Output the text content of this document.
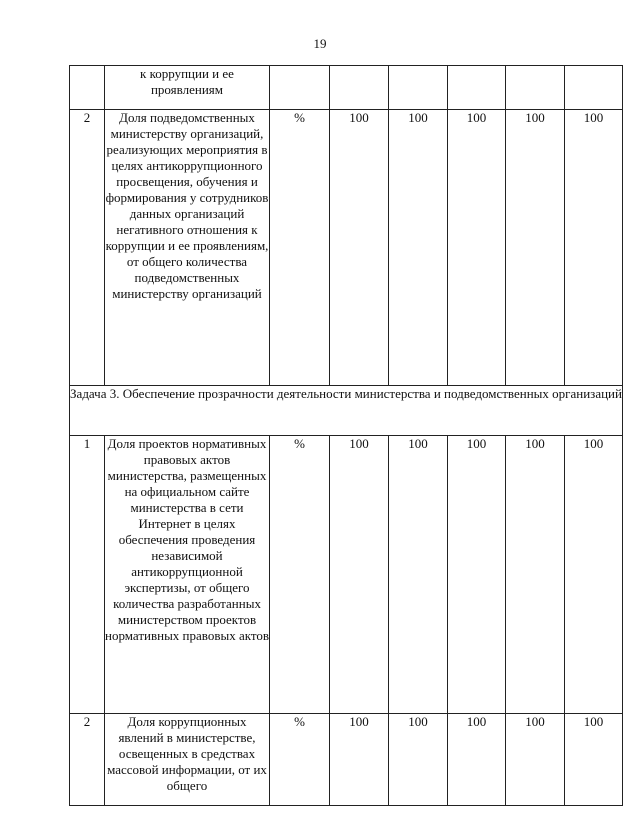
19
	к коррупции и ее проявлениям						
2	Доля подведомственных министерству организаций, реализующих мероприятия в целях антикоррупционного просвещения, обучения и формирования у сотрудников данных организаций негативного отношения к коррупции и ее проявлениям, от общего количества подведомственных министерству организаций	%	100	100	100	100	100
Задача 3. Обеспечение прозрачности деятельности министерства и подведомственных организаций							
1	Доля проектов нормативных правовых актов министерства, размещенных на официальном сайте министерства в сети Интернет в целях обеспечения проведения независимой антикоррупционной экспертизы, от общего количества разработанных министерством проектов нормативных правовых актов	%	100	100	100	100	100
2	Доля коррупционных явлений в министерстве, освещенных в средствах массовой информации, от их общего	%	100	100	100	100	100
